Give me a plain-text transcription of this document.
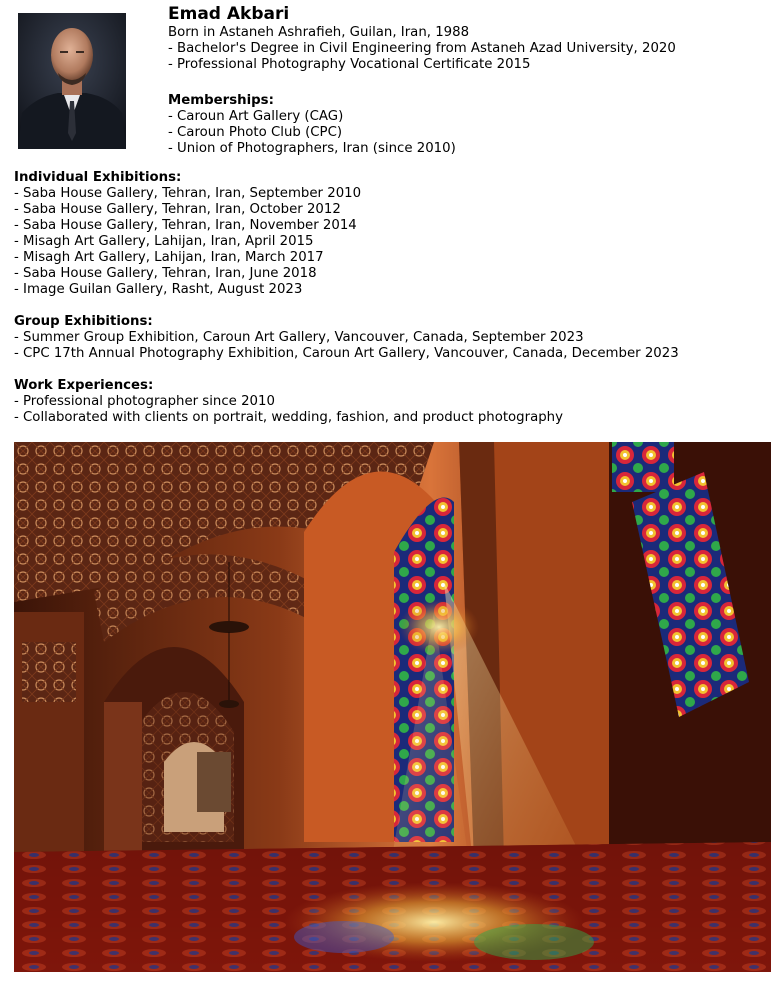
Emad Akbari
Born in Astaneh Ashrafieh, Guilan, Iran, 1988
- Bachelor's Degree in Civil Engineering from Astaneh Azad University, 2020
- Professional Photography Vocational Certificate 2015
Memberships:
- Caroun Art Gallery (CAG)
- Caroun Photo Club (CPC)
- Union of Photographers, Iran (since 2010)
Individual Exhibitions:
- Saba House Gallery, Tehran, Iran, September 2010
- Saba House Gallery, Tehran, Iran, October 2012
- Saba House Gallery, Tehran, Iran, November 2014
- Misagh Art Gallery, Lahijan, Iran, April 2015
- Misagh Art Gallery, Lahijan, Iran, March 2017
- Saba House Gallery, Tehran, Iran, June 2018
- Image Guilan Gallery, Rasht, August 2023
Group Exhibitions:
- Summer Group Exhibition, Caroun Art Gallery, Vancouver, Canada, September 2023
- CPC 17th Annual Photography Exhibition, Caroun Art Gallery, Vancouver, Canada, December 2023
Work Experiences:
- Professional photographer since 2010
- Collaborated with clients on portrait, wedding, fashion, and product photography
